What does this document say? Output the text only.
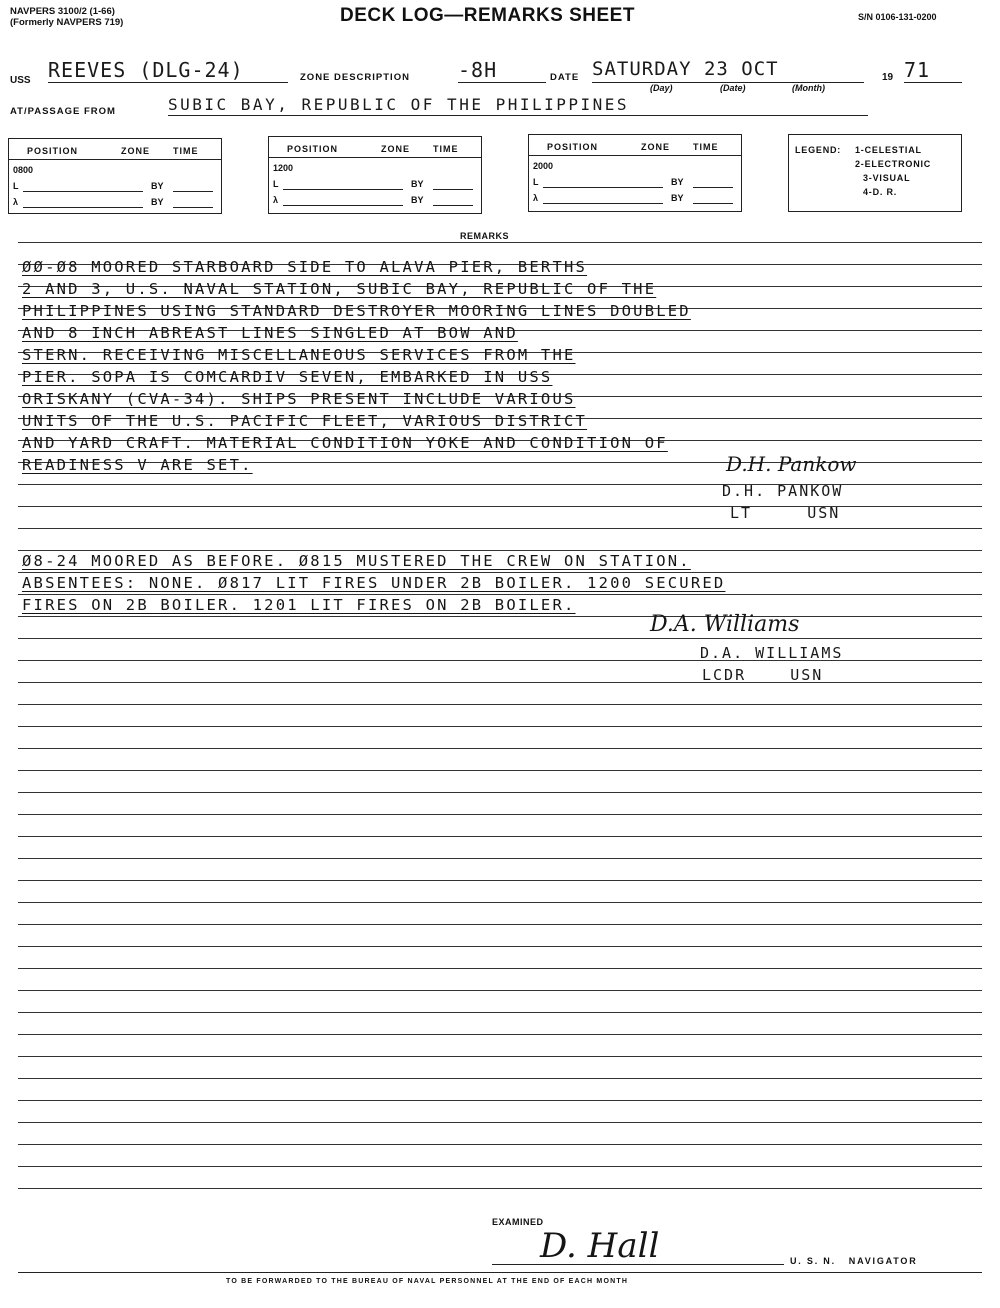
NAVPERS 3100/2 (1-66)
(Formerly NAVPERS 719)	DECK LOG—REMARKS SHEET	S/N 0106-131-0200
USS REEVES (DLG-24)	ZONE DESCRIPTION -8H	DATE SATURDAY 23 OCT
(Day)	(Date)	(Month)
19 71
AT/PASSAGE FROM	SUBIC BAY, REPUBLIC OF THE PHILIPPINES
POSITION	ZONE	TIME
0800
L	BY
λ	BY
POSITION	ZONE	TIME
1200
L	BY
λ	BY
POSITION	ZONE	TIME
2000
L	BY
λ	BY
LEGEND: 1-CELESTIAL
2-ELECTRONIC
3-VISUAL
4-D. R.
REMARKS
ØØ-Ø8 MOORED STARBOARD SIDE TO ALAVA PIER, BERTHS
2 AND 3, U.S. NAVAL STATION, SUBIC BAY, REPUBLIC OF THE
PHILIPPINES USING STANDARD DESTROYER MOORING LINES DOUBLED
AND 8 INCH ABREAST LINES SINGLED AT BOW AND
STERN. RECEIVING MISCELLANEOUS SERVICES FROM THE
PIER. SOPA IS COMCARDIV SEVEN, EMBARKED IN USS
ORISKANY (CVA-34). SHIPS PRESENT INCLUDE VARIOUS
UNITS OF THE U.S. PACIFIC FLEET, VARIOUS DISTRICT
AND YARD CRAFT. MATERIAL CONDITION YOKE AND CONDITION OF
READINESS V ARE SET.	D.H. Pankow
D.H. PANKOW
LT     USN
Ø8-24 MOORED AS BEFORE. Ø815 MUSTERED THE CREW ON STATION.
ABSENTEES: NONE. Ø817 LIT FIRES UNDER 2B BOILER. 1200 SECURED
FIRES ON 2B BOILER. 1201 LIT FIRES ON 2B BOILER.
D.A. Williams
D.A. WILLIAMS
LCDR    USN
EXAMINED
D. Hall	U. S. N.   NAVIGATOR
TO BE FORWARDED TO THE BUREAU OF NAVAL PERSONNEL AT THE END OF EACH MONTH
